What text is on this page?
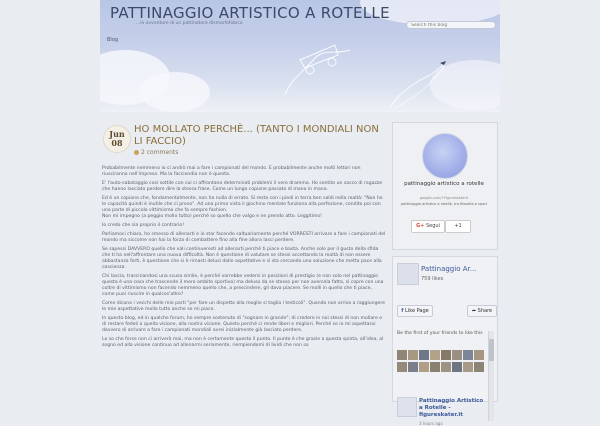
PATTINAGGIO ARTISTICO A ROTELLE
...le avventure di un pattinatore dismorfofobico
Search this blog
Blog
Jun
08
HO MOLLATO PERCHÈ... (TANTO I MONDIALI NON LI FACCIO)
2 comments

Probabilmente nemmeno io ci andrò mai a fare i campionati del mondo. E probabilmente anche molti lettori non riusciranno nell'impresa. Ma la facciendia non è questa.

E' l'auto-sabotaggio così sottile con cui ci affrontano determinati problemi il vero dramma. Ho sentito un sacco di ragazze che hanno lasciato perdere dire la stessa frase. Come un lungo copione passato di mano in mano.

Ed è un copione che, fondamentalmente, non ha nulla di errato. Si resta con i piedi in terra ben saldi nella realtà: "Non ho le capacità quindi è inutile che ci provo". Ad una prima vista il giochino mentale funziona alla perfezione, condito poi con una parte di piccolo vittimismo che fa sempre fashion.

Non mi impegno (a peggio mollo tutto) perché so quello che valgo e ne prendo atto. Leggitimo!

Io credo che sia proprio il contrario!

Parliamoci chiaro, ho smesso di allenarti e io star facendo saltuariamente perché VORRESTI arrivare a fare i campionati del mondo ma siccome non hai la forza di combattere fino alla fine allora lasci perdere.

Se sapessi DAVVERO quello che vali continueresti ad allenarti perché ti piace e basta. Anche solo per il gusto della sfida che ti ha nell'affrontare una nuova difficoltà. Non è questione di valutare se stessi accettando la realtà di non essere abbastanza forti, è questione che si è rimasti delusi dalle aspettative e si sta cercando una soluzione che metta pace alla coscienza.

Chi lascia, trascinandosi una scusa simile, è perché vorrebbe vedersi in posizioni di prestigio (e non solo nel pattinaggio questa è una cosa che trascende il mero ambito sportivo) ma deluso da se stesso per non avercela fatta, si copre con una coltre di vittimismo non facendo nemmeno quello che, a prescindere, gli dava piacere. Se molli in quello che ti piace, come puoi riuscire in qualcos'altro?

Come dicono i vecchi delle mie parti "per fare un dispetto alla moglie si taglia i testicoli". Quando non arrivo a raggiungere le mie aspettative mollo tutto anche se mi piace.

In questo blog, ed in qualche forum, ho sempre sostenuto di "sognare in grande": di credere in noi stessi di non mollare e di restare fedeli a quella visione, alla nostra visione. Questo perché ci rende liberi e migliori. Perché se io mi aspettassi davvero di arrivare a fare i campionati mondiali avrei inizialmente già lasciato perdere.

Lo so che forse non ci arriverò mai, ma non è certamente questo il punto. Il punto è che grazie a questa spinta, all'idea, al sogno ed alla visione continuo ad allenarmi seriamente, riempiendomi di lividi che non so

pattinaggio artistico a rotelle
google.com/+Figureskaterit
pattinaggio artistico a rotelle, tra filosofia e sport
G+ Segui	+1
Pattinaggio Ar...
759 likes
f Like Page	➦ Share
Be the first of your friends to like this
Pattinaggio Artistico a Rotelle - figureskater.it
3 hours ago
